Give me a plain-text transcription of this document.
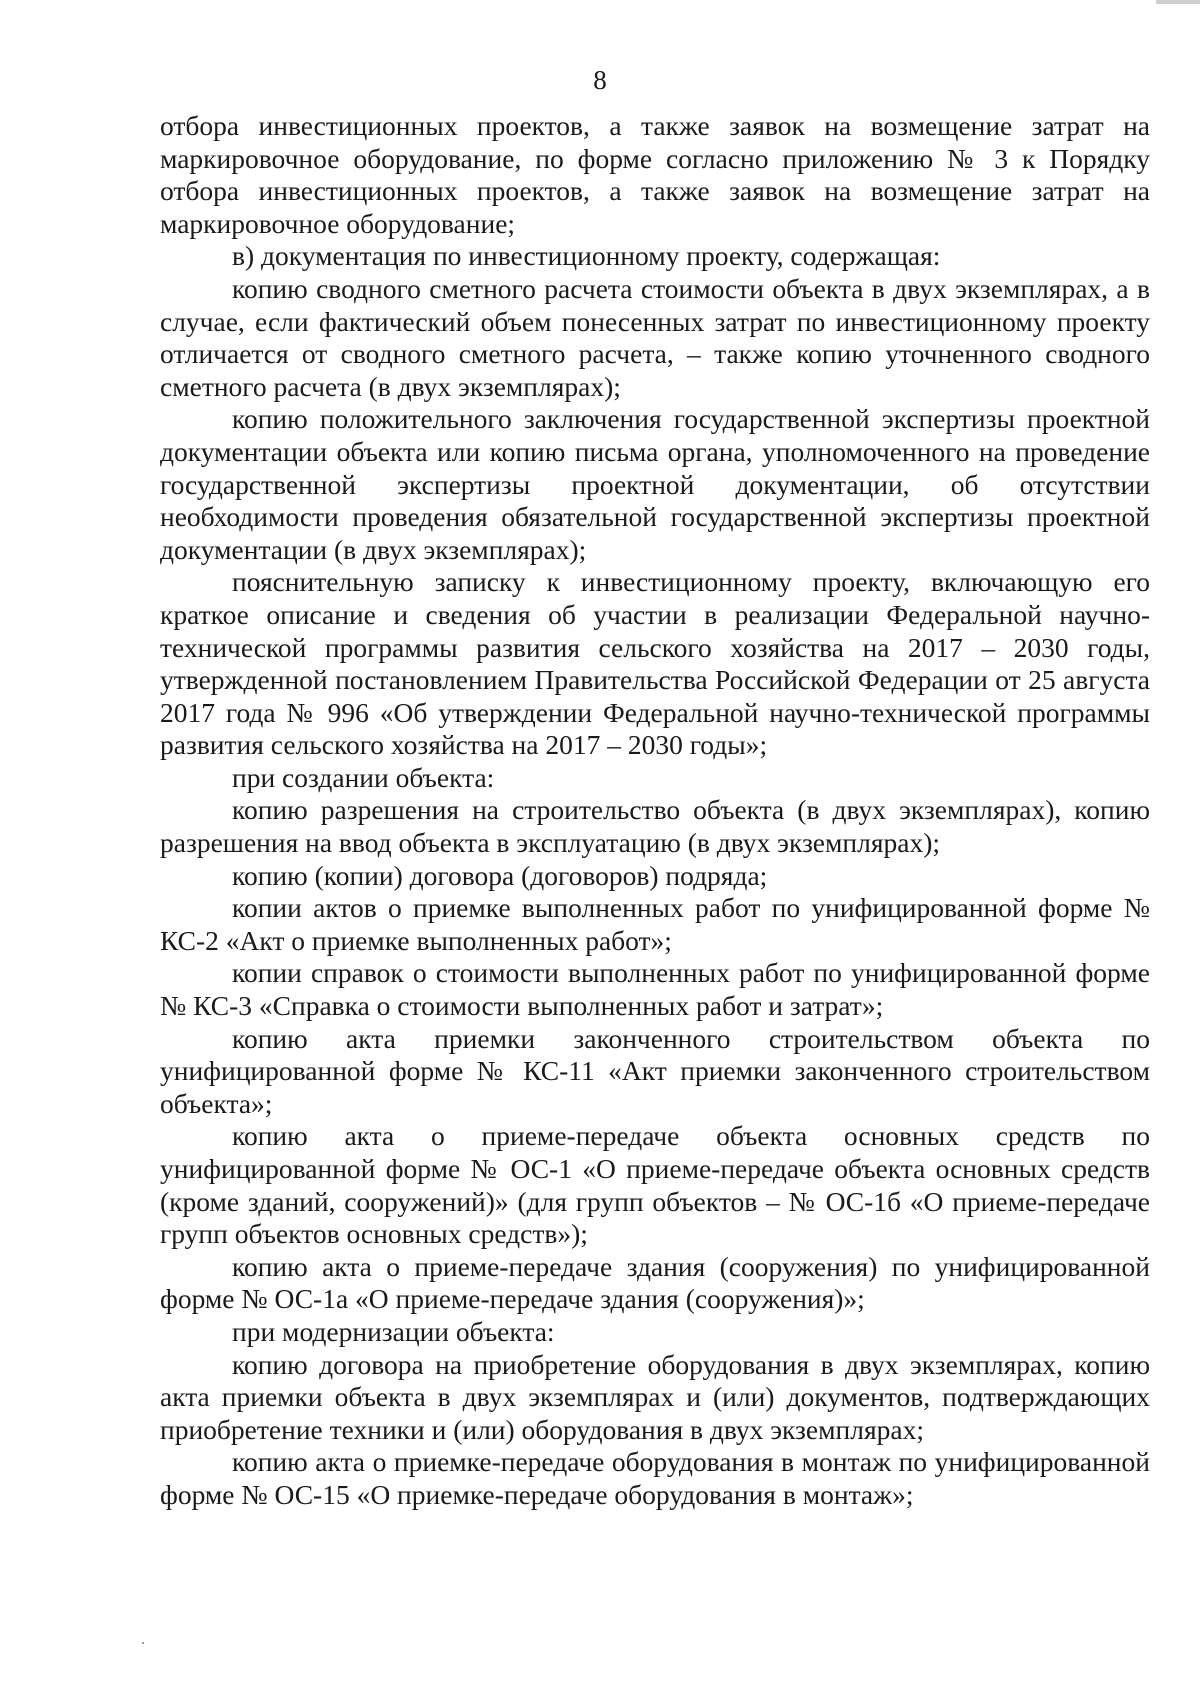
8

отбора инвестиционных проектов, а также заявок на возмещение затрат на маркировочное оборудование, по форме согласно приложению № 3 к Порядку отбора инвестиционных проектов, а также заявок на возмещение затрат на маркировочное оборудование;

в) документация по инвестиционному проекту, содержащая:

копию сводного сметного расчета стоимости объекта в двух экземплярах, а в случае, если фактический объем понесенных затрат по инвестиционному проекту отличается от сводного сметного расчета, – также копию уточненного сводного сметного расчета (в двух экземплярах);

копию положительного заключения государственной экспертизы проектной документации объекта или копию письма органа, уполномоченного на проведение государственной экспертизы проектной документации, об отсутствии необходимости проведения обязательной государственной экспертизы проектной документации (в двух экземплярах);

пояснительную записку к инвестиционному проекту, включающую его краткое описание и сведения об участии в реализации Федеральной научно-технической программы развития сельского хозяйства на 2017 – 2030 годы, утвержденной постановлением Правительства Российской Федерации от 25 августа 2017 года № 996 «Об утверждении Федеральной научно-технической программы развития сельского хозяйства на 2017 – 2030 годы»;

при создании объекта:

копию разрешения на строительство объекта (в двух экземплярах), копию разрешения на ввод объекта в эксплуатацию (в двух экземплярах);

копию (копии) договора (договоров) подряда;

копии актов о приемке выполненных работ по унифицированной форме № КС-2 «Акт о приемке выполненных работ»;

копии справок о стоимости выполненных работ по унифицированной форме № КС-3 «Справка о стоимости выполненных работ и затрат»;

копию акта приемки законченного строительством объекта по унифицированной форме № КС-11 «Акт приемки законченного строительством объекта»;

копию акта о приеме-передаче объекта основных средств по унифицированной форме № ОС-1 «О приеме-передаче объекта основных средств (кроме зданий, сооружений)» (для групп объектов – № ОС-1б «О приеме-передаче групп объектов основных средств»);

копию акта о приеме-передаче здания (сооружения) по унифицированной форме № ОС-1а «О приеме-передаче здания (сооружения)»;

при модернизации объекта:

копию договора на приобретение оборудования в двух экземплярах, копию акта приемки объекта в двух экземплярах и (или) документов, подтверждающих приобретение техники и (или) оборудования в двух экземплярах;

копию акта о приемке-передаче оборудования в монтаж по унифицированной форме № ОС-15 «О приемке-передаче оборудования в монтаж»;
